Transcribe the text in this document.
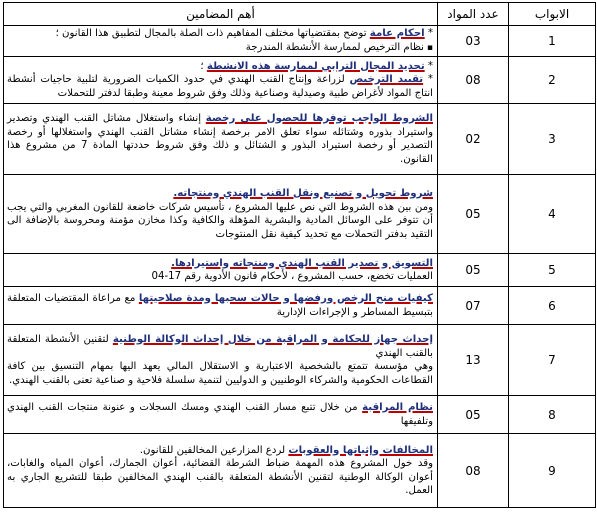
الابواب	عدد المواد	أهم المضامين
1	03	* احكام عامة توضح بمقتضياتها مختلف المفاهيم ذات الصلة بالمجال لتطبيق هذا القانون ؛
▪ نظام الترخيص لممارسة الأنشطة المندرجة

2	08	* تحديد المجال الترابي لممارسة هذه الانشطة ؛
* تقييد الترخيص لزراعة وإنتاج القنب الهندي في حدود الكميات الضرورية لتلبية حاجيات أنشطة انتاج المواد لأغراض طبية وصيدلية وصناعية وذلك وفق شروط معينة وطبقا لدفتر للتحملات

3	02	الشروط الواجب توفرها للحصول على رخصة إنشاء واستغلال مشاتل القنب الهندي وتصدير واستيراد بذوره وشتائله سواء تعلق الامر برخصة إنشاء مشاتل القنب الهندي واستغلالها أو رخصة التصدير أو رخصة استيراد البذور و الشتائل و ذلك وفق شروط حددتها المادة 7 من مشروع هذا القانون.

4	05	شروط تحويل و تصنيع ونقل القنب الهندي ومنتجاته.
ومن بين هذه الشروط التي نص عليها المشروع ، تأسيس شركات خاضعة للقانون المغربي والتي يجب أن تتوفر على الوسائل المادية والبشرية المؤهلة والكافية وكذا مخازن مؤمنة ومحروسة بالإضافة الى التقيد بدفتر التحملات مع تحديد كيفية نقل المنتوجات

5	05	التسويق و تصدير القنب الهندي ومنتجاته واستيرادها.
العمليات تخضع، حسب المشروع ، لأحكام قانون الأدوية رقم 17-04

6	07	كيفيات منح الرخص ورفضها و حالات سحبها ومدة صلاحيتها مع مراعاة المقتضيات المتعلقة بتبسيط المساطر و الإجراءات الإدارية

7	13	إحداث جهاز للحكامة و المراقبة من خلال إحداث الوكالة الوطنية لتقنين الأنشطة المتعلقة بالقنب الهندي
وهي مؤسسة تتمتع بالشخصية الاعتبارية و الاستقلال المالي يعهد اليها بمهام التنسيق بين كافة القطاعات الحكومية والشركاء الوطنيين و الدوليين لتنمية سلسلة فلاحية و صناعية تعنى بالقنب الهندي.

8	05	نظام المراقبة من خلال تتبع مسار القنب الهندي ومسك السجلات و عنونة منتجات القنب الهندي وتلفيفها

9	08	المخالفات وإثباتها والعقوبات لردع المزارعين المخالفين للقانون.
وقد خول المشروع هذه المهمة ضباط الشرطة القضائية، أعوان الجمارك، أعوان المياه والغابات، أعوان الوكالة الوطنية لتقنين الأنشطة المتعلقة بالقنب الهندي المخالفين طبقا للتشريع الجاري به العمل.
